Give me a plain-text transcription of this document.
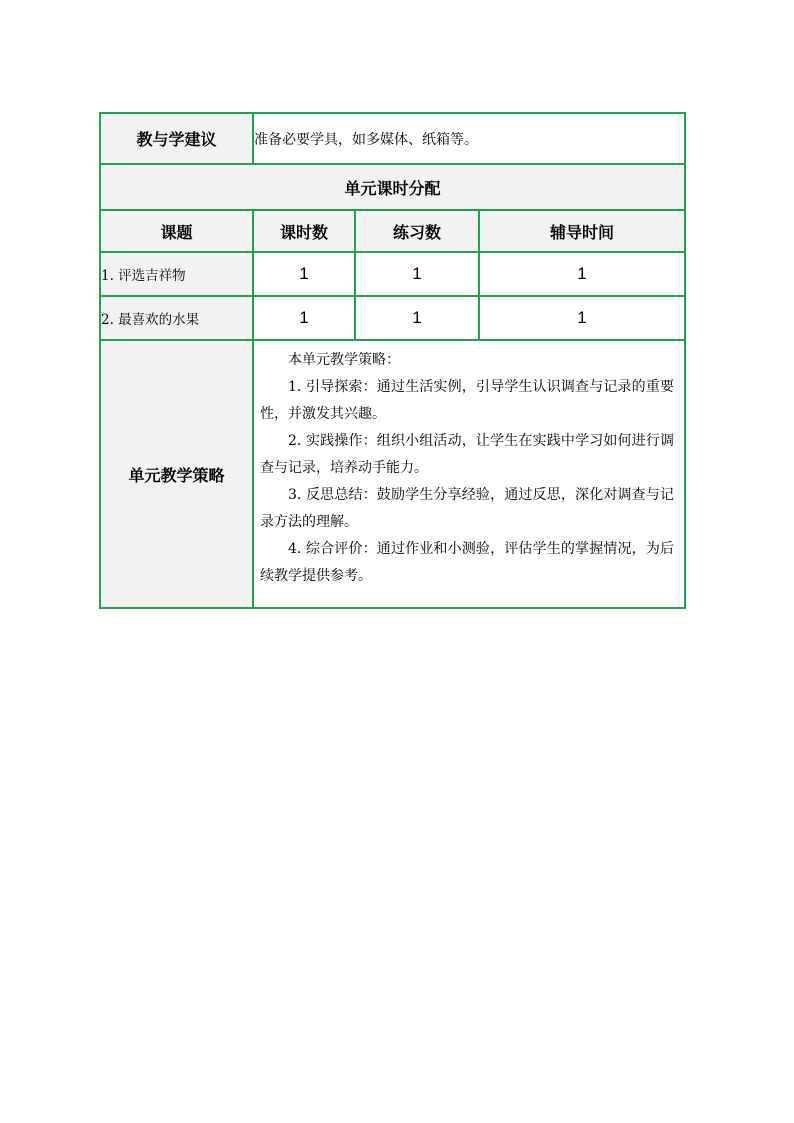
教与学建议	准备必要学具，如多媒体、纸箱等。		
单元课时分配			
课题	课时数	练习数	辅导时间
1. 评选吉祥物	1	1	1
2. 最喜欢的水果	1	1	1
单元教学策略	本单元教学策略：

1. 引导探索：通过生活实例，引导学生认识调查与记录的重要性，并激发其兴趣。

2. 实践操作：组织小组活动，让学生在实践中学习如何进行调查与记录，培养动手能力。

3. 反思总结：鼓励学生分享经验，通过反思，深化对调查与记录方法的理解。

4. 综合评价：通过作业和小测验，评估学生的掌握情况，为后续教学提供参考。		
